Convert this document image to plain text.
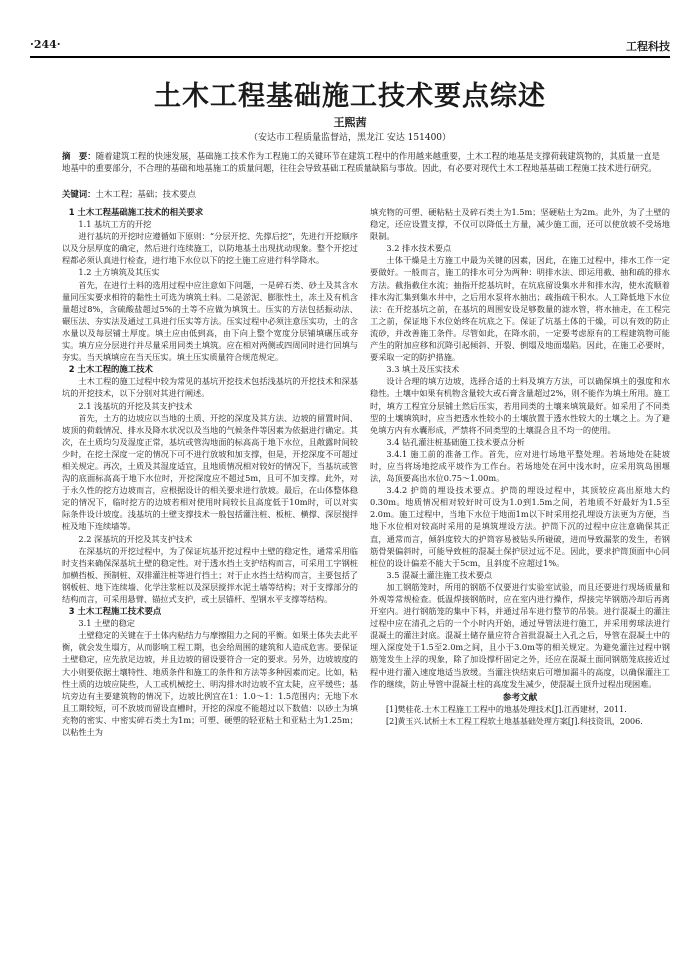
·244·	工程科技
土木工程基础施工技术要点综述
王熙茜
（安达市工程质量监督站，黑龙江 安达 151400）
摘　要：随着建筑工程的快速发展，基础施工技术作为工程施工的关键环节在建筑工程中的作用越来越重要，土木工程的地基是支撑荷载建筑物的，其质量一直是地基中的重要部分，不合理的基础和地基施工的质量问题，往往会导致基础工程质量缺陷与事故。因此，有必要对现代土木工程地基基础工程施工技术进行研究。
关键词：土木工程；基础；技术要点
1 土木工程基础施工技术的相关要求
1.1 基坑工方的开挖

进行基坑的开挖时应遵循如下原则：“分层开挖、先撑后挖”，先进行开挖顺序以及分层厚度的确定，然后进行连续施工，以防地基土出现扰动现象。整个开挖过程都必须认真进行检查，进行地下水位以下的挖土施工应进行科学降水。

1.2 土方填筑及其压实

首先，在进行土料的选用过程中应注意如下问题，一是碎石类、砂土及其含水量同压实要求相符的黏性土可选为填筑土料。二是淤泥、膨胀性土，冻土及有机含量超过8%，含硫酸盐超过5%的土等不应做为填筑土。压实的方法包括振动法、碾压法、夯实法及通过工具进行压实等方法。压实过程中必须注意压实功，土的含水量以及每层铺土厚度。填土应由低到高，由下向上整个宽度分层铺填碾压或夯实。填方应分层进行并尽量采用同类土填筑。应在相对两侧或四周同时进行回填与夯实。当天填填应在当天压实。填土压实质量符合规范规定。

2 土木工程的施工技术

土木工程的施工过程中较为常见的基坑开挖技术包括浅基坑的开挖技术和深基坑的开挖技术，以下分别对其进行阐述。

2.1 浅基坑的开挖及其支护技术

首先，土方的边坡应以当地的土质、开挖的深度及其方法、边坡的留置时间、坡顶的荷载情况、排水及降水状况以及当地的气候条件等因素为依据进行确定。其次，在土质均匀及湿度正常，基坑或管沟地面的标高高于地下水位，且敞露时间较少时，在挖土深度一定的情况下可不进行放坡和加支撑，但是，开挖深度不可超过相关规定。再次，土质及其湿度适宜，且地质情况相对较好的情况下，当基坑或管沟的底面标高高于地下水位时，开挖深度应不超过5m，且可不加支撑。此外，对于永久性的挖方边坡而言，应根据设计的相关要求进行放坡。最后，在山体整体稳定的情况下，临时挖方的边坡若相对使用时间较长且高度低于10m时，可以对实际条件设计坡度。浅基坑的土壁支撑技术一般包括灌注桩、板桩、横撑、深层搅拌桩及地下连续墙等。

2.2 深基坑的开挖及其支护技术

在深基坑的开挖过程中，为了保证坑基开挖过程中土壁的稳定性，通常采用临时支挡来确保深基坑土壁的稳定性。对于透水挡土支护结构而言，可采用工字钢桩加横挡板、预制桩、双排灌注桩等进行挡土；对于止水挡土结构而言，主要包括了钢板桩、地下连续墙、化学注浆桩以及深层搅拌水泥土墙等结构；对于支撑部分的结构而言，可采用悬臂、锚拉式支护，或土层锚杆、型钢水平支撑等结构。

3 土木工程施工技术要点
3.1 土壁的稳定

土壁稳定的关键在于土体内粘结力与摩擦阻力之间的平衡。如果土体失去此平衡，就会发生塌方，从而影响工程工期，也会给周围的建筑和人造成危害。要保证土壁稳定，应先放足边坡，并且边坡的留设要符合一定的要求。另外，边坡坡度的大小则要依据土壤特性、地质条件和施工的条件和方法等多种因素而定。比如，粘性土质的边坡应陡些，人工或机械挖土、明沟排水时边坡不宜太陡，应平缓些；基坑旁边有主要建筑物的情况下，边坡比例宜在1：1.0～1：1.5范围内；无地下水且工期较短，可不放坡而留设直槽时，开挖的深度不能超过以下数值：以砂土为填充物的密实、中密实碎石类土为1m；可塑、硬塑的轻亚粘土和亚粘土为1.25m；以粘性土为

填充物的可塑、硬粘粘土及碎石类土为1.5m；坚硬粘土为2m。此外，为了土壁的稳定，还应设置支撑，不仅可以降低土方量，减少施工面，还可以使放坡不受场地限制。

3.2 排水技术要点

土体干燥是土方施工中最为关键的因素，因此，在施工过程中，排水工作一定要做好。一般而言，施工的排水可分为两种：明排水法、即运用截、抽和疏的排水方法。截指截住水流；抽指开挖基坑时，在坑底留设集水井和排水沟，使水流顺着排水沟汇集到集水井中，之后用水泵将水抽出；疏指疏干积水。人工降低地下水位法：在开挖基坑之前，在基坑的周围安设足够数量的滤水管，将水抽走，在工程完工之前，保证地下水位始终在坑底之下。保证了坑基土体的干燥，可以有效的防止流砂，并改善施工条件。尽管如此，在降水前，一定要考虑原有的工程建筑物可能产生的附加应移和沉降引起倾斜、开裂、倒塌及地面塌陷。因此，在施工必要时，要采取一定的防护措施。

3.3 填土及压实技术

设计合理的填方边坡，选择合适的土料及填方方法，可以确保填土的强度和水稳性。土壤中如果有机物含量较大或石膏含量超过2%，则不能作为填土所用。施工时，填方工程宜分层铺土然后压实，若用同类的土壤来填筑最好。如采用了不同类型的土壤填筑时，应当把透水性较小的土壤放置于透水性较大的土壤之上。为了避免填方内有水囊形成，严禁将不同类型的土壤混合且不均一的使用。

3.4 钻孔灌注桩基础施工技术要点分析

3.4.1 施工前的准备工作。首先，应对进行场地平整处理。若场地处在陡坡时，应当将场地挖成平坡作为工作台。若场地处在河中浅水时，应采用筑岛围堰法，岛顶要高出水位0.75～1.00m。

3.4.2 护筒的埋设技术要点。护筒的埋设过程中，其顶较应高出原地大约0.30m。地质情况相对较好时可设为1.0到1.5m之间，若地质不好最好为1.5至2.0m。施工过程中，当地下水位于地面1m以下时采用挖孔埋设方法更为方便，当地下水位相对较高时采用的是填筑埋设方法。护筒下沉的过程中应注意确保其正直，通常而言，倾斜度较大的护筒容易被钻头所碰破，进而导致漏浆的发生，若钢筋骨架偏斜时，可能导致桩的混凝土保护层过远不足。因此，要求护筒顶面中心同桩位的设计偏差不能大于5cm，且斜度不应超过1%。

3.5 混凝土灌注施工技术要点

加工钢筋笼时，所用的钢筋不仅要进行实验室试验，而且还要进行现场质量和外观等常规检查。低温焊接钢筋时，应在室内进行操作，焊接完毕钢筋冷却后再离开室内。进行钢筋笼的集中下料，并通过吊车进行整节的吊装。进行混凝土的灌注过程中应在清孔之后的一个小时内开始，通过导管法进行施工，并采用剪球法进行混凝土的灌注封底。混凝土储存量应符合首批混凝土入孔之后，导管在混凝土中的埋入深度处于1.5至2.0m之间，且小于3.0m等的相关规定。为避免灌注过程中钢筋笼发生上浮的现象，除了加设撑杆固定之外，还应在混凝土面同钢筋笼底接近过程中进行灌入速度地适当放缓。当灌注快结束后可增加漏斗的高度，以确保灌注工作的继续，防止导管中混凝土柱的高度发生减少，使混凝土顶升过程出现困难。

参考文献

[1]樊桂花.土木工程施工工程中的地基处理技术[J].江西建材，2011.

[2]黄玉兴.试析土木工程工程软土地基基础处理方案[J].科技资讯，2006.
